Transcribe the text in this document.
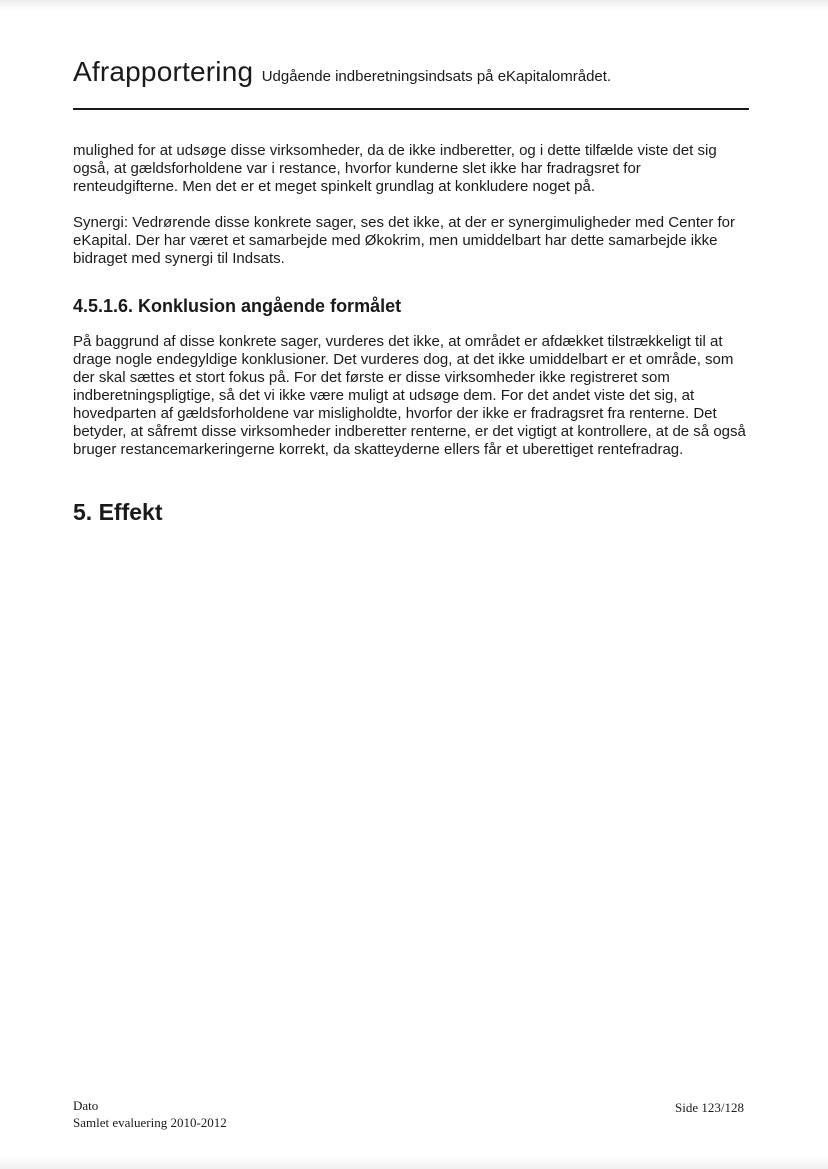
Afrapportering Udgående indberetningsindsats på eKapitalområdet.

mulighed for at udsøge disse virksomheder, da de ikke indberetter, og i dette tilfælde viste det sig også, at gældsforholdene var i restance, hvorfor kunderne slet ikke har fradragsret for renteudgifterne. Men det er et meget spinkelt grundlag at konkludere noget på.

Synergi: Vedrørende disse konkrete sager, ses det ikke, at der er synergimuligheder med Center for eKapital. Der har været et samarbejde med Økokrim, men umiddelbart har dette samarbejde ikke bidraget med synergi til Indsats.

4.5.1.6. Konklusion angående formålet

På baggrund af disse konkrete sager, vurderes det ikke, at området er afdækket tilstrækkeligt til at drage nogle endegyldige konklusioner. Det vurderes dog, at det ikke umiddelbart er et område, som der skal sættes et stort fokus på. For det første er disse virksomheder ikke registreret som indberetningspligtige, så det vi ikke være muligt at udsøge dem. For det andet viste det sig, at hovedparten af gældsforholdene var misligholdte, hvorfor der ikke er fradragsret fra renterne. Det betyder, at såfremt disse virksomheder indberetter renterne, er det vigtigt at kontrollere, at de så også bruger restancemarkeringerne korrekt, da skatteyderne ellers får et uberettiget rentefradrag.

5. Effekt
Dato
Samlet evaluering 2010-2012
Side 123/128
